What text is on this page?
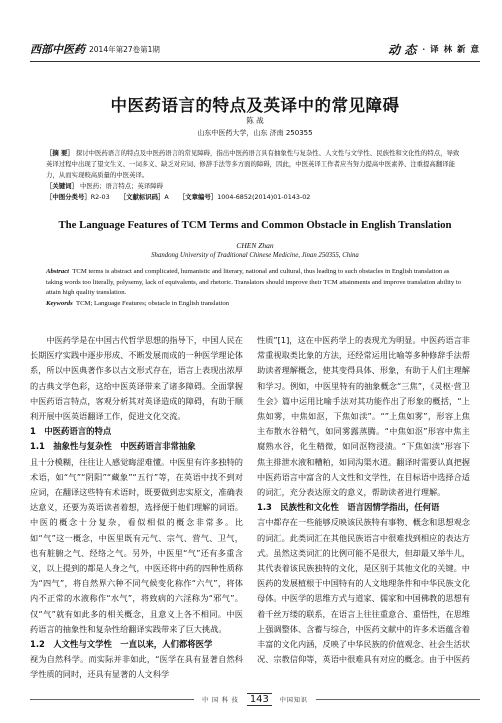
西部中医药 2014年第27卷第1期	动 态 · 译 林 新 意
中医药语言的特点及英译中的常见障碍
陈 战
山东中医药大学，山东 济南 250355
［摘 要］ 探讨中医药语言的特点及中医药语言的常见障碍，指出中医药语言具有抽象性与复杂性、人文性与文学性、民族性和文化性的特点，导致英译过程中出现了望文生义、一词多义、缺乏对应词、修辞手法等多方面的障碍，因此，中医英译工作者应当努力提高中医素养、注重提高翻译能力，从而实现較高质量的中医英译。
［关键词］ 中医药；语言特点；英译障碍
［中图分类号］R2-03 ［文献标识码］A ［文章编号］1004-6852(2014)01-0143-02
The Language Features of TCM Terms and Common Obstacle in English Translation
CHEN Zhan
Shandong University of Traditional Chinese Medicine, Jinan 250355, China
Abstract TCM terms is abstract and complicated, humanistic and literary, national and cultural, thus leading to such obstacles in English translation as taking words too literally, polysemy, lack of equivalents, and rhetoric. Translators should improve their TCM attainments and improve translation ability to attain high quality translation.
Keywords TCM; Language Features; obstacle in English translation

中医药学是在中国古代哲学思想的指导下，中国人民在长期医疗实践中逐步形成、不断发展而成的一种医学理论体系，所以中医典著作多以古文形式存在，语言上表现出浓厚的古典文学色彩，这给中医英译带来了诸多障碍。全面掌握中医药语言特点，客观分析其对英译造成的障碍，有助于顺利开展中医英语翻译工作，促进文化交流。

1　中医药语言的特点
1.1　抽象性与复杂性　中医药语言非常抽象

且十分模糊，往往让人感觉晦涩难懂。中医里有许多独特的术语，如“气”“阴阳”“藏象”“五行”等，在英语中找不到对应词，在翻译这些特有术语时，既要做到忠实原文，准确表达意义，还要为英语读者着想，选择便于他们理解的词语。中医的概念十分复杂，看似相似的概念非常多。比如“气”这一概念，中医里既有元气、宗气、营气、卫气，也有脏腑之气、经络之气。另外，中医里“气”还有多重含义，以上提到的都是人身之气，中医还将中药的四种性质称为“四气”，将自然界六种不同气候变化称作“六气”，将体内不正常的水液称作“水气”，将致病的六淫称为“邪气”。仅“气”就有如此多的相关概念，且意义上各不相同。中医药语言的抽象性和复杂性给翻译实践带来了巨大挑战。

1.2　人文性与文学性　一直以来，人们都将医学

视为自然科学。而实际并非如此，“医学在具有显著自然科学性质的同时，还具有显著的人文科学

性质”[1]，这在中医药学上的表现尤为明显。中医药语言非常重视取类比象的方法，还经常运用比喻等多种修辞手法帮助读者理解概念，使其变得具体、形象，有助于人们主理解和学习。例如，中医里特有的抽象概念“三焦”，《灵枢·营卫生会》篇中运用比喻手法对其功能作出了形象的概括，“上焦如雾，中焦如沤，下焦如渎”。“”上焦如雾”，形容上焦主布散水谷精气，如同雾露蒸腾。“中焦如沤”形容中焦主腐熟水谷，化生精微，如同沤物浸渍。“下焦如渎”形容下焦主排泄水液和糟粕，如同沟渠水道。翻译时需要认真把握中医药语言中富含的人文性和文学性，在目标语中选择合适的词汇，充分表达原文的意义，帮助读者进行理解。

1.3　民族性和文化性　语言因情学指出，任何语

言中都存在一些能够反映该民族特有事物、概念和思想观念的词汇。此类词汇在其他民族语言中很难找到相应的表达方式。虽然这类词汇的比例可能不是很大，但却最又举牛儿，其代表着该民族独特的文化，是区别于其他文化的关键。中医药的发展植根于中国特有的人文地理条件和中华民族文化母体。中医学的思维方式与道家、儒家和中国佛教的思想有着千丝万缕的联系，在语言上往往重意合、重悟性，在思维上强调整体、含蓄与综合，中医药文献中的许多术语蕴含着丰富的文化内涵，反映了中华民族的价值观念、社会生活状况、宗教信仰等，英语中很难具有对应的概念。由于中医药

中 国 科 技	143	中国知识
